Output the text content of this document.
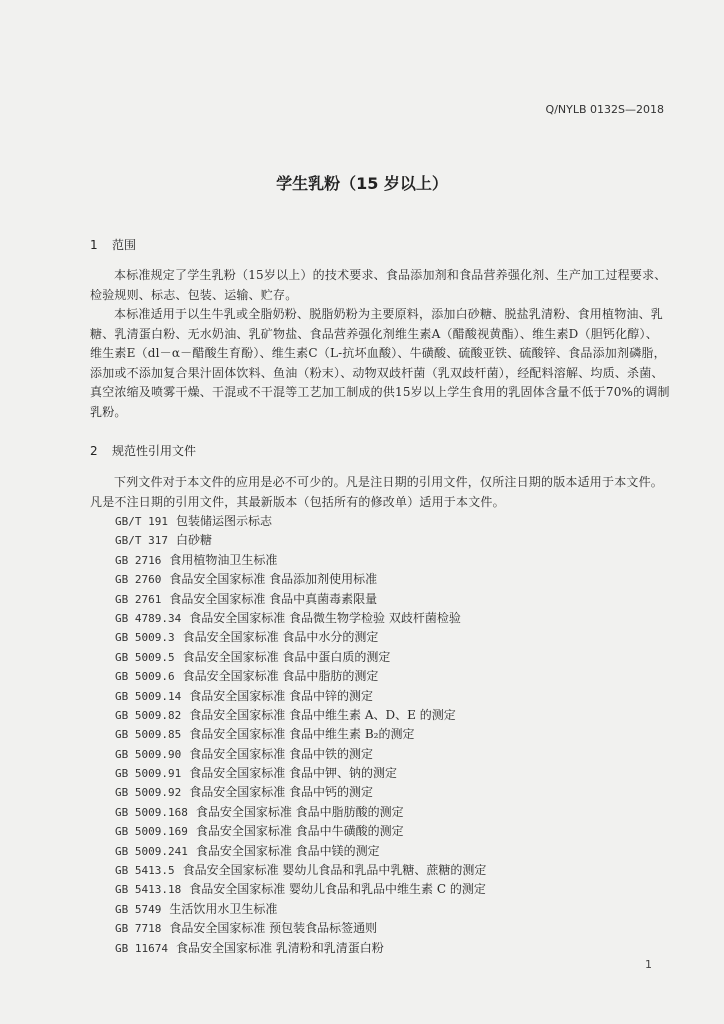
Q/NYLB 0132S—2018
学生乳粉（15 岁以上）
1 范围
本标准规定了学生乳粉（15岁以上）的技术要求、食品添加剂和食品营养强化剂、生产加工过程要求、检验规则、标志、包装、运输、贮存。
本标准适用于以生牛乳或全脂奶粉、脱脂奶粉为主要原料，添加白砂糖、脱盐乳清粉、食用植物油、乳糖、乳清蛋白粉、无水奶油、乳矿物盐、食品营养强化剂维生素A（醋酸视黄酯）、维生素D（胆钙化醇）、维生素E（dl－α－醋酸生育酚）、维生素C（L-抗坏血酸）、牛磺酸、硫酸亚铁、硫酸锌、食品添加剂磷脂，添加或不添加复合果汁固体饮料、鱼油（粉末）、动物双歧杆菌（乳双歧杆菌），经配料溶解、均质、杀菌、真空浓缩及喷雾干燥、干混或不干混等工艺加工制成的供15岁以上学生食用的乳固体含量不低于70%的调制乳粉。
2 规范性引用文件
下列文件对于本文件的应用是必不可少的。凡是注日期的引用文件，仅所注日期的版本适用于本文件。凡是不注日期的引用文件，其最新版本（包括所有的修改单）适用于本文件。
GB/T 191 包装储运图示标志
GB/T 317 白砂糖
GB 2716 食用植物油卫生标准
GB 2760 食品安全国家标准 食品添加剂使用标准
GB 2761 食品安全国家标准 食品中真菌毒素限量
GB 4789.34 食品安全国家标准 食品微生物学检验 双歧杆菌检验
GB 5009.3 食品安全国家标准 食品中水分的测定
GB 5009.5 食品安全国家标准 食品中蛋白质的测定
GB 5009.6 食品安全国家标准 食品中脂肪的测定
GB 5009.14 食品安全国家标准 食品中锌的测定
GB 5009.82 食品安全国家标准 食品中维生素 A、D、E 的测定
GB 5009.85 食品安全国家标准 食品中维生素 B₂的测定
GB 5009.90 食品安全国家标准 食品中铁的测定
GB 5009.91 食品安全国家标准 食品中钾、钠的测定
GB 5009.92 食品安全国家标准 食品中钙的测定
GB 5009.168 食品安全国家标准 食品中脂肪酸的测定
GB 5009.169 食品安全国家标准 食品中牛磺酸的测定
GB 5009.241 食品安全国家标准 食品中镁的测定
GB 5413.5 食品安全国家标准 婴幼儿食品和乳品中乳糖、蔗糖的测定
GB 5413.18 食品安全国家标准 婴幼儿食品和乳品中维生素 C 的测定
GB 5749 生活饮用水卫生标准
GB 7718 食品安全国家标准 预包装食品标签通则
GB 11674 食品安全国家标准 乳清粉和乳清蛋白粉
1
